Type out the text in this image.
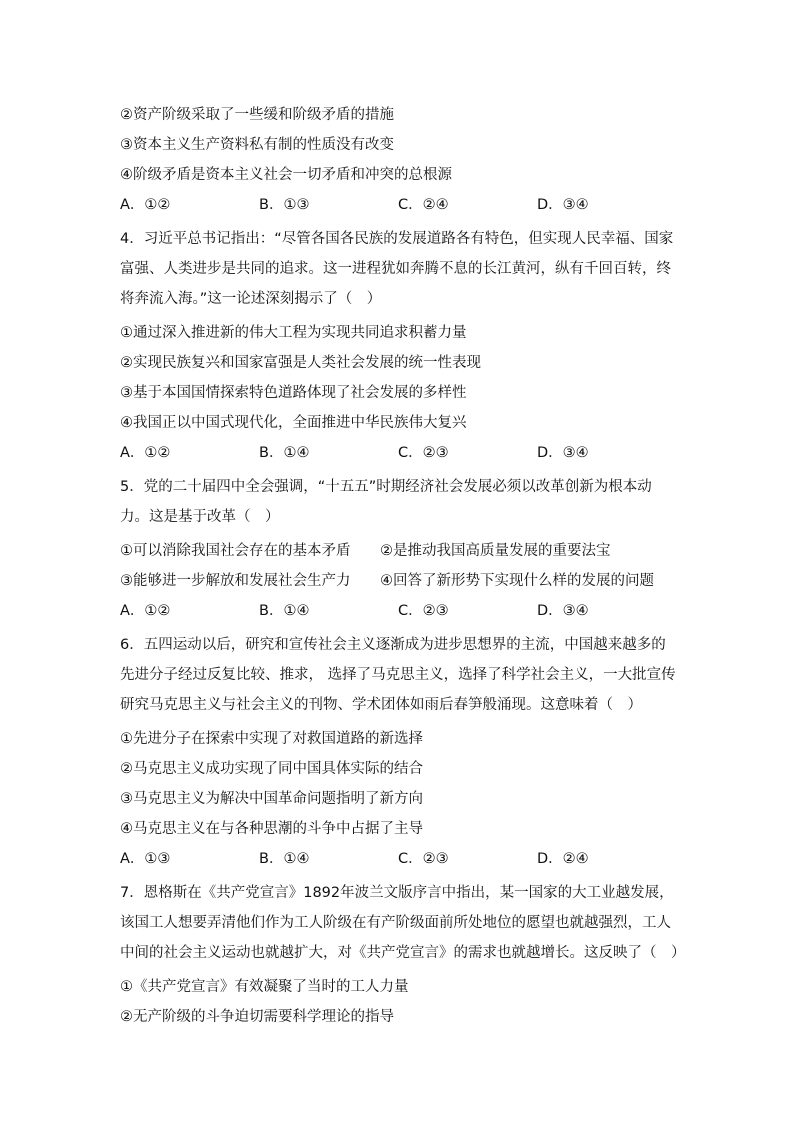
②资产阶级采取了一些缓和阶级矛盾的措施
③资本主义生产资料私有制的性质没有改变
④阶级矛盾是资本主义社会一切矛盾和冲突的总根源
A．①②	B．①③	C．②④	D．③④
4．习近平总书记指出：“尽管各国各民族的发展道路各有特色，但实现人民幸福、国家富强、人类进步是共同的追求。这一进程犹如奔腾不息的长江黄河，纵有千回百转，终将奔流入海。”这一论述深刻揭示了（　）
①通过深入推进新的伟大工程为实现共同追求积蓄力量
②实现民族复兴和国家富强是人类社会发展的统一性表现
③基于本国国情探索特色道路体现了社会发展的多样性
④我国正以中国式现代化，全面推进中华民族伟大复兴
A．①②	B．①④	C．②③	D．③④
5．党的二十届四中全会强调，“十五五”时期经济社会发展必须以改革创新为根本动力。这是基于改革（　）
①可以消除我国社会存在的基本矛盾	②是推动我国高质量发展的重要法宝
③能够进一步解放和发展社会生产力	④回答了新形势下实现什么样的发展的问题
A．①②	B．①④	C．②③	D．③④
6．五四运动以后，研究和宣传社会主义逐渐成为进步思想界的主流，中国越来越多的先进分子经过反复比较、推求， 选择了马克思主义，选择了科学社会主义，一大批宣传研究马克思主义与社会主义的刊物、学术团体如雨后春笋般涌现。这意味着（　）
①先进分子在探索中实现了对救国道路的新选择
②马克思主义成功实现了同中国具体实际的结合
③马克思主义为解决中国革命问题指明了新方向
④马克思主义在与各种思潮的斗争中占据了主导
A．①③	B．①④	C．②③	D．②④
7．恩格斯在《共产党宣言》1892年波兰文版序言中指出，某一国家的大工业越发展，该国工人想要弄清他们作为工人阶级在有产阶级面前所处地位的愿望也就越强烈，工人中间的社会主义运动也就越扩大，对《共产党宣言》的需求也就越增长。这反映了（　）
①《共产党宣言》有效凝聚了当时的工人力量
②无产阶级的斗争迫切需要科学理论的指导
